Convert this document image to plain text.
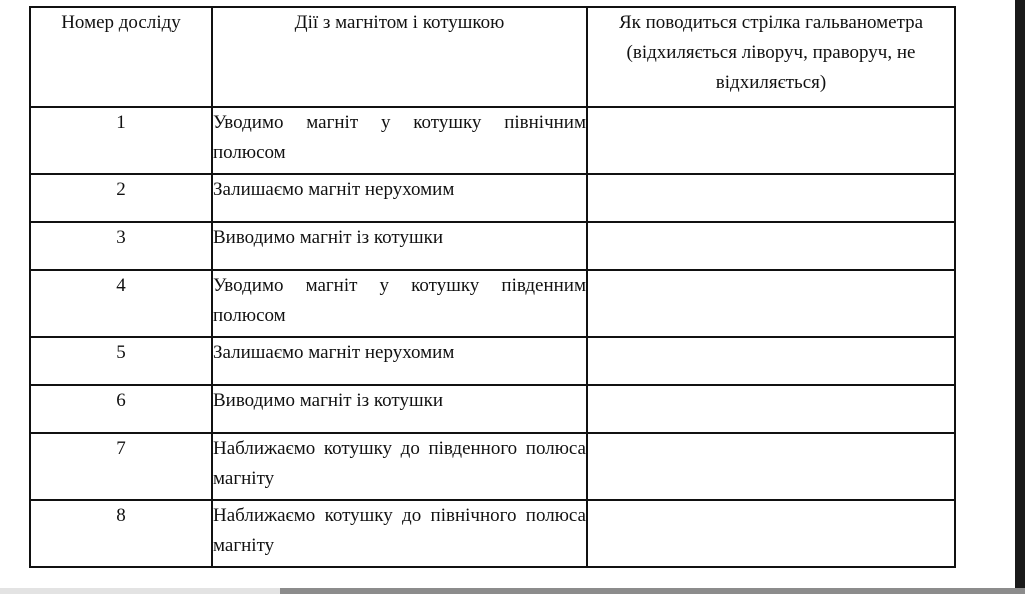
Номер досліду	Дії з магнітом і котушкою	Як поводиться стрілка гальванометра (відхиляється ліворуч, праворуч, не відхиляється)
1	Уводимо магніт у котушку північним полюсом	
2	Залишаємо магніт нерухомим	
3	Виводимо магніт із котушки	
4	Уводимо магніт у котушку південним полюсом	
5	Залишаємо магніт нерухомим	
6	Виводимо магніт із котушки	
7	Наближаємо котушку до південного полюса магніту	
8	Наближаємо котушку до північного полюса магніту	
